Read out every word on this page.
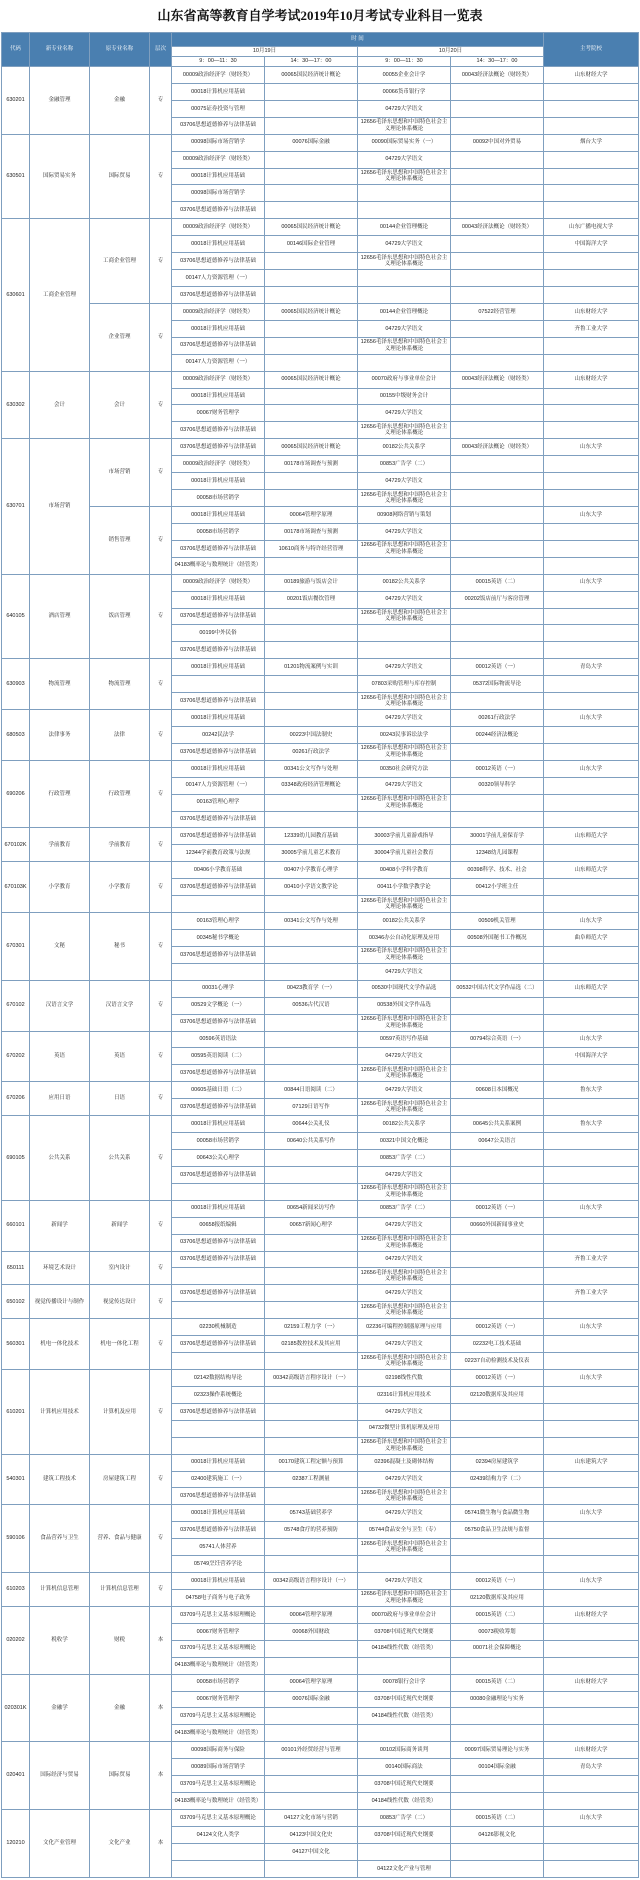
山东省高等教育自学考试2019年10月考试专业科目一览表
代码	新专业名称	原专业名称	层次	时 间				主考院校
				10月19日		10月20日		
				9：00—11：30	14：30—17：00	9：00—11：30	14：30—17：00	
630201	金融管理	金融	专	00009政治经济学（财经类）	00065国民经济统计概论	00055企业会计学	00043经济法概论（财经类）	山东财经大学
				00018计算机应用基础		00066货币银行学		
				00075证券投资与管理		04729大学语文		
				03706思想道德修养与法律基础		12656毛泽东思想和中国特色社会主义理论体系概论		
630501	国际贸易实务	国际贸易	专	00098国际市场营销学	00076国际金融	00090国际贸易实务（一）	00092中国对外贸易	烟台大学
				00009政治经济学（财经类）		04729大学语文		
				00018计算机应用基础		12656毛泽东思想和中国特色社会主义理论体系概论		
				00098国际市场营销学				
				03706思想道德修养与法律基础				
630601	工商企业管理	工商企业管理	专	00009政治经济学（财经类）	00065国民经济统计概论	00144企业管理概论	00043经济法概论（财经类）	山东广播电视大学
				00018计算机应用基础	00146国际企业管理	04729大学语文		中国海洋大学
				03706思想道德修养与法律基础		12656毛泽东思想和中国特色社会主义理论体系概论		
				00147人力资源管理（一）				
				03706思想道德修养与法律基础				
		企业管理	专	00009政治经济学（财经类）	00065国民经济统计概论	00144企业管理概论	07522经营管理	山东财经大学
				00018计算机应用基础		04729大学语文		齐鲁工业大学
				03706思想道德修养与法律基础		12656毛泽东思想和中国特色社会主义理论体系概论		
				00147人力资源管理（一）				
630302	会计	会计	专	00009政治经济学（财经类）	00065国民经济统计概论	00070政府与事业单位会计	00043经济法概论（财经类）	山东财经大学
				00018计算机应用基础		00155中级财务会计		
				00067财务管理学		04729大学语文		
				03706思想道德修养与法律基础		12656毛泽东思想和中国特色社会主义理论体系概论		
630701	市场营销	市场营销	专	03706思想道德修养与法律基础	00065国民经济统计概论	00182公共关系学	00043经济法概论（财经类）	山东大学
				00009政治经济学（财经类）	00178市场调查与预测	00853广告学（二）		
				00018计算机应用基础		04729大学语文		
				00058市场营销学		12656毛泽东思想和中国特色社会主义理论体系概论		
		销售管理	专	00018计算机应用基础	00064管理学原理	00908网络营销与策划		山东大学
				00058市场营销学	00178市场调查与预测	04729大学语文		
				03706思想道德修养与法律基础	10610商务与特许经营管理	12656毛泽东思想和中国特色社会主义理论体系概论		
				04183概率论与数理统计（经管类）				
640105	酒店管理	饭店管理	专	00009政治经济学（财经类）	00189旅游与饭店会计	00182公共关系学	00015英语（二）	山东大学
				00018计算机应用基础	00201饭店餐饮管理	04729大学语文	00202饭店前厅与客房管理	
				03706思想道德修养与法律基础		12656毛泽东思想和中国特色社会主义理论体系概论		
				00199中外民俗				
				03706思想道德修养与法律基础				
630903	物流管理	物流管理	专	00018计算机应用基础	01201物流案例与实训	04729大学语文	00012英语（一）	青岛大学
						07803采购管理与库存控制	05372国际物流导论	
				03706思想道德修养与法律基础		12656毛泽东思想和中国特色社会主义理论体系概论		
680503	法律事务	法律	专	00018计算机应用基础		04729大学语文	00261行政法学	山东大学
				00242民法学	00223中国法制史	00243民事诉讼法学	00244经济法概论	
				03706思想道德修养与法律基础	00261行政法学	12656毛泽东思想和中国特色社会主义理论体系概论		
690206	行政管理	行政管理	专	00018计算机应用基础	00341公文写作与处理	00350社会研究方法	00012英语（一）	山东大学
				00147人力资源管理（一）	03348政府经济管理概论	04729大学语文	00320领导科学	
				00163管理心理学		12656毛泽东思想和中国特色社会主义理论体系概论		
				03706思想道德修养与法律基础				
670102K	学前教育	学前教育	专	03706思想道德修养与法律基础	12339幼儿园教育基础	30003学前儿童游戏指导	30001学前儿童保育学	山东师范大学
				12344学前教育政策与法规	30005学前儿童艺术教育	30004学前儿童社会教育	12348幼儿园课程	
670103K	小学教育	小学教育	专	00406小学教育基础	00407小学教育心理学	00408小学科学教育	00398科学、技术、社会	山东师范大学
				03706思想道德修养与法律基础	00410小学语文教学论	00411小学数学教学论	00412小学班主任	
						12656毛泽东思想和中国特色社会主义理论体系概论		
670301	文秘	秘书	专	00163管理心理学	00341公文写作与处理	00182公共关系学	00509机关管理	山东大学
				00345秘书学概论		00346办公自动化原理及应用	00508外国秘书工作概况	曲阜师范大学
				03706思想道德修养与法律基础		12656毛泽东思想和中国特色社会主义理论体系概论		
						04729大学语文		
670102	汉语言文学	汉语言文学	专	00031心理学	00423教育学（一）	00530中国现代文学作品选	00532中国古代文学作品选（二）	山东师范大学
				00529文学概论（一）	00536古代汉语	00538外国文学作品选		
				03706思想道德修养与法律基础		12656毛泽东思想和中国特色社会主义理论体系概论		
670202	英语	英语	专	00596英语语法		00597英语写作基础	00794综合英语（一）	山东大学
				00595英语阅读（二）		04729大学语文		中国海洋大学
				03706思想道德修养与法律基础		12656毛泽东思想和中国特色社会主义理论体系概论		
670206	应用日语	日语	专	00605基础日语（二）	00844日语阅读（二）	04729大学语文	00608日本国概况	鲁东大学
				03706思想道德修养与法律基础	07129日语写作	12656毛泽东思想和中国特色社会主义理论体系概论		
690105	公共关系	公共关系	专	00018计算机应用基础	00644公关礼仪	00182公共关系学	00645公共关系案例	鲁东大学
				00058市场营销学	00640公共关系写作	00321中国文化概论	00647公关语言	
				00643公关心理学		00853广告学（二）		
				03706思想道德修养与法律基础		04729大学语文		
						12656毛泽东思想和中国特色社会主义理论体系概论		
660101	新闻学	新闻学	专	00018计算机应用基础	00654新闻采访写作	00853广告学（二）	00012英语（一）	山东大学
				00658报纸编辑	00657新闻心理学	04729大学语文	00660外国新闻事业史	
				03706思想道德修养与法律基础		12656毛泽东思想和中国特色社会主义理论体系概论		
650111	环境艺术设计	室内设计	专	03706思想道德修养与法律基础		04729大学语文		齐鲁工业大学
						12656毛泽东思想和中国特色社会主义理论体系概论		
650102	视觉传播设计与制作	视觉传达设计	专	03706思想道德修养与法律基础		04729大学语文		齐鲁工业大学
						12656毛泽东思想和中国特色社会主义理论体系概论		
560301	机电一体化技术	机电一体化工程	专	02230机械制造	02159工程力学（一）	02236可编程控制器原理与应用	00012英语（一）	山东大学
				03706思想道德修养与法律基础	02185数控技术及其应用	04729大学语文	02232电工技术基础	
						12656毛泽东思想和中国特色社会主义理论体系概论	02237自动检测技术及仪表	
610201	计算机应用技术	计算机及应用	专	02142数据结构导论	00342高级语言程序设计（一）	02198线性代数	00012英语（一）	山东大学
				02323操作系统概论		02316计算机应用技术	02120数据库及其应用	
				03706思想道德修养与法律基础		04729大学语文		
						04732微型计算机原理及应用		
						12656毛泽东思想和中国特色社会主义理论体系概论		
540301	建筑工程技术	房屋建筑工程	专	00018计算机应用基础	00170建筑工程定额与预算	02396混凝土及砌体结构	02394房屋建筑学	山东建筑大学
				02400建筑施工（一）	02387工程测量	04729大学语文	02439结构力学（二）	
				03706思想道德修养与法律基础		12656毛泽东思想和中国特色社会主义理论体系概论		
590106	食品营养与卫生	营养、食品与健康	专	00018计算机应用基础	05743基础营养学	04729大学语文	05741微生物与食品微生物	山东大学
				03706思想道德修养与法律基础	05748食疗的营养预防	05744食品安全与卫生（专）	05750食品卫生法规与监督	
				05741人体营养		12656毛泽东思想和中国特色社会主义理论体系概论		
				05749烹饪营养学论				
610203	计算机信息管理	计算机信息管理	专	00018计算机应用基础	00342高级语言程序设计（一）	04729大学语文	00012英语（一）	山东大学
				04758电子商务与电子政务		12656毛泽东思想和中国特色社会主义理论体系概论	02120数据库及其应用	
020202	税收学	财税	本	03709马克思主义基本原理概论	00064管理学原理	00070政府与事业单位会计	00015英语（二）	山东财经大学
				00067财务管理学	00068外国财政	03708中国近现代史纲要	00073税收筹划	
				03709马克思主义基本原理概论		04184线性代数（经管类）	00071社会保障概论	
				04183概率论与数理统计（经管类）				
020301K	金融学	金融	本	00058市场营销学	00064管理学原理	00078银行会计学	00015英语（二）	山东财经大学
				00067财务管理学	00076国际金融	03708中国近现代史纲要	00080金融理论与实务	
				03709马克思主义基本原理概论		04184线性代数（经管类）		
				04183概率论与数理统计（经管类）				
020401	国际经济与贸易	国际贸易	本	00098国际商务与保险	00101外经贸经营与管理	00102国际商务谈判	00097国际贸易理论与实务	山东财经大学
				00089国际市场营销学		00140国际商法	00104国际金融	青岛大学
				03709马克思主义基本原理概论		03708中国近现代史纲要		
				04183概率论与数理统计（经管类）		04184线性代数（经管类）		
120210	文化产业管理	文化产业	本	03709马克思主义基本原理概论	04127文化市场与营销	00853广告学（二）	00015英语（二）	山东大学
				04124文化人类学	04123中国文化史	03708中国近现代史纲要	04126影视文化	
					04127中国文化			
						04122文化产业与管理		
